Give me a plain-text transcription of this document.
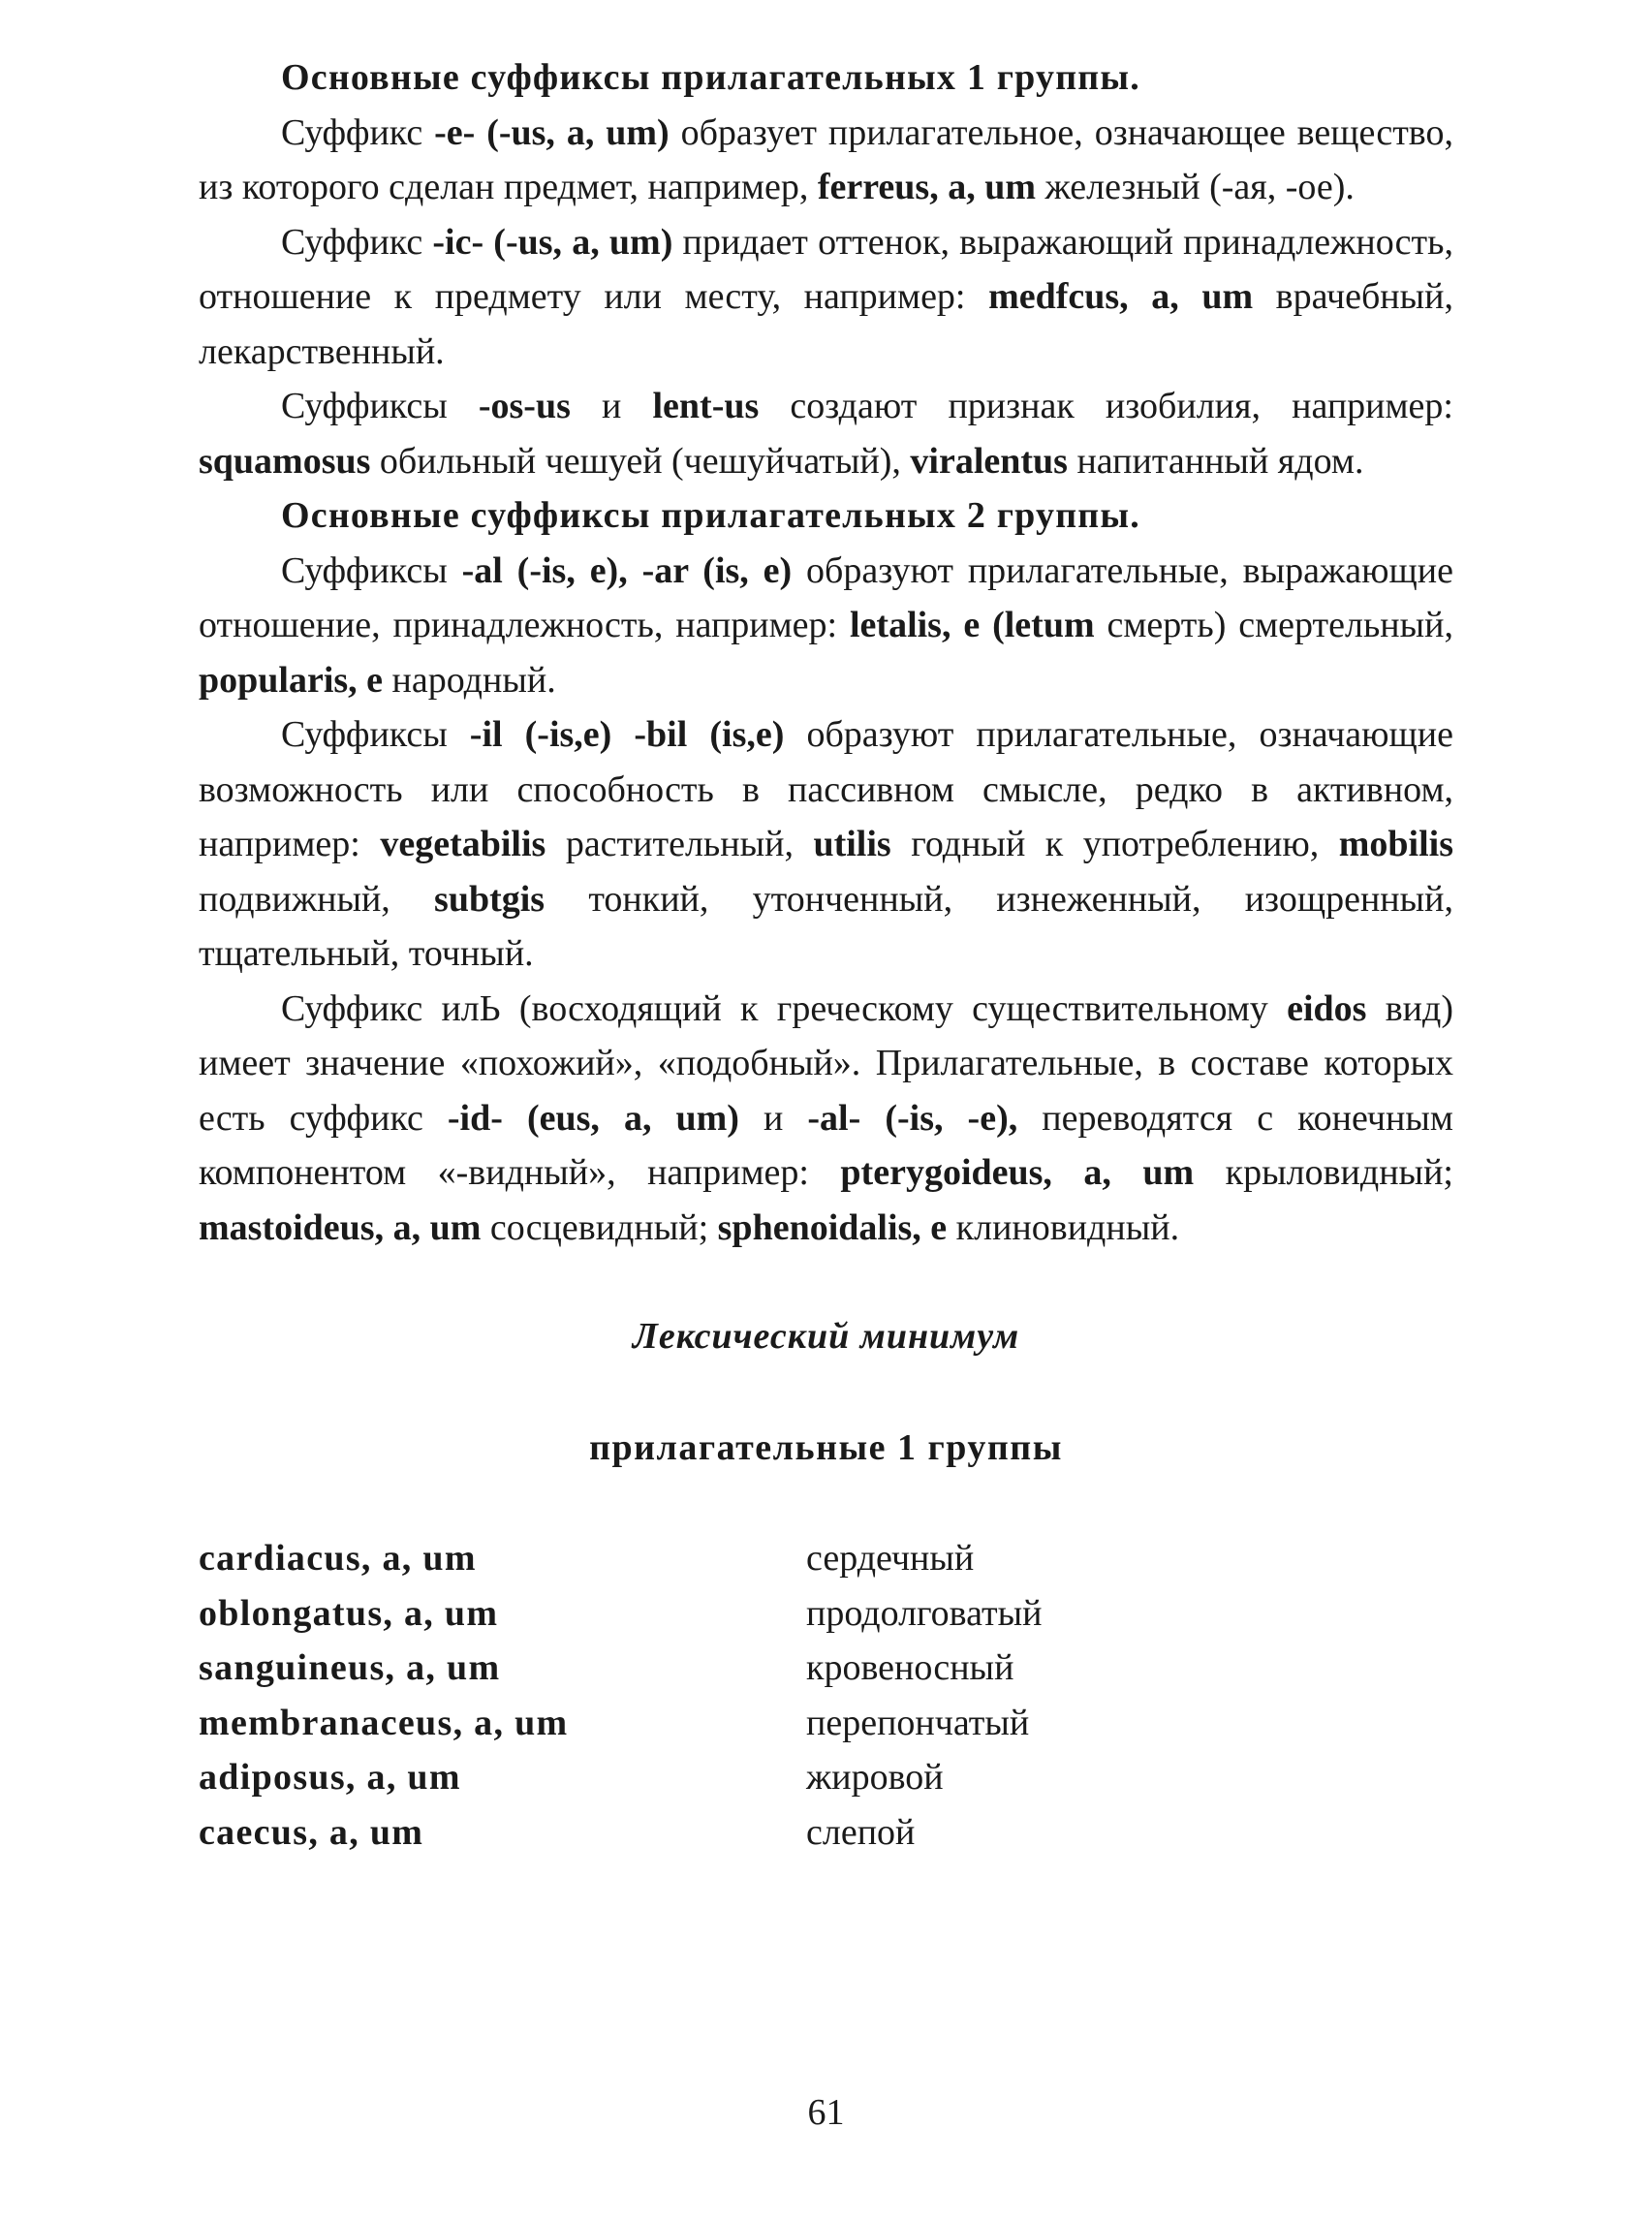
Основные суффиксы прилагательных 1 группы.

Суффикс -e- (-us, a, um) образует прилагательное, означающее вещество, из которого сделан предмет, например, ferreus, a, um железный (-ая, -ое).

Суффикс -ic- (-us, a, um) придает оттенок, выражающий принадлежность, отношение к предмету или месту, например: medfcus, a, um врачебный, лекарственный.

Суффиксы -os-us и lent-us создают признак изобилия, например: squamosus обильный чешуей (чешуйчатый), viralentus напитанный ядом.

Основные суффиксы прилагательных 2 группы.

Суффиксы -al (-is, e), -ar (is, e) образуют прилагательные, выражающие отношение, принадлежность, например: letalis, e (letum смерть) смертельный, popularis, e народный.

Суффиксы -il (-is,e) -bil (is,e) образуют прилагательные, означающие возможность или способность в пассивном смысле, редко в активном, например: vegetabilis растительный, utilis годный к употреблению, mobilis подвижный, subtgis тонкий, утонченный, изнеженный, изощренный, тщательный, точный.

Суффикс илЬ (восходящий к греческому существительному eidos вид) имеет значение «похожий», «подобный». Прилагательные, в составе которых есть суффикс -id- (eus, a, um) и -al- (-is, -e), переводятся с конечным компонентом «-видный», например: pterygoideus, a, um крыловидный; mastoideus, a, um сосцевидный; sphenoidalis, e клиновидный.

Лексический минимум
прилагательные 1 группы
cardiacus, a, um	сердечный
oblongatus, a, um	продолговатый
sanguineus, a, um	кровеносный
membranaceus, a, um	перепончатый
adiposus, a, um	жировой
caecus, a, um	слепой
61
